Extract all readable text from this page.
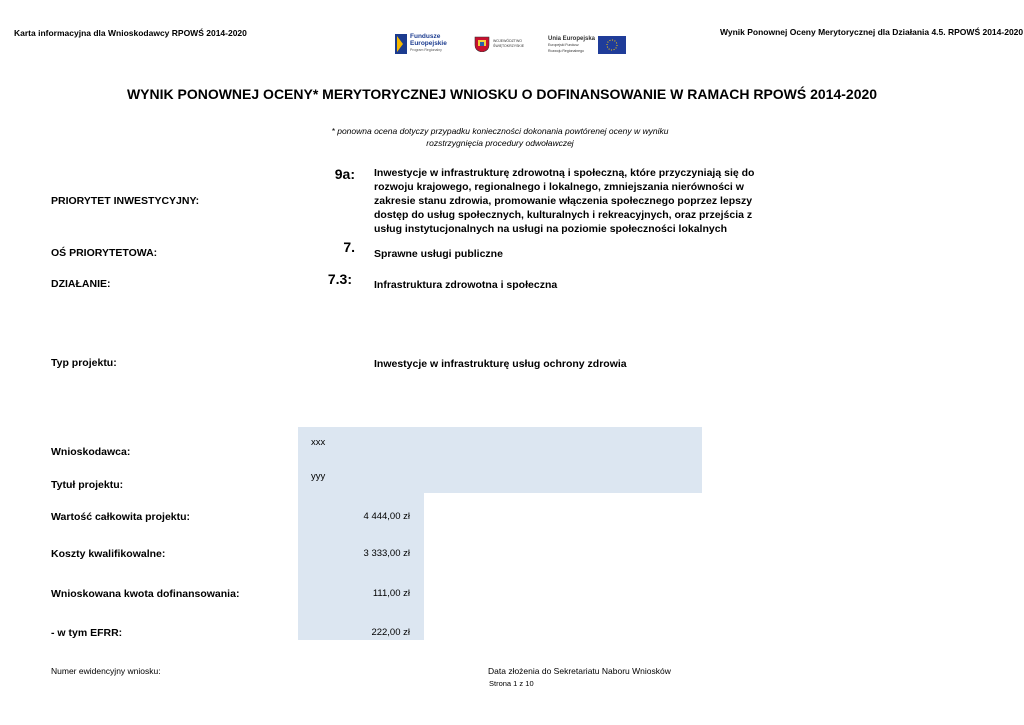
Karta informacyjna dla Wnioskodawcy RPOWŚ 2014-2020	Wynik Ponownej Oceny Merytorycznej dla Działania 4.5. RPOWŚ 2014-2020
Fundusze
Europejskie
Program Regionalny
WOJEWÓDZTWO
ŚWIĘTOKRZYSKIE
Unia Europejska
Europejski Fundusz
Rozwoju Regionalnego
WYNIK PONOWNEJ OCENY* MERYTORYCZNEJ WNIOSKU O DOFINANSOWANIE W RAMACH RPOWŚ 2014-2020
* ponowna ocena dotyczy przypadku konieczności dokonania powtórenej oceny w wyniku
rozstrzygnięcia procedury odwoławczej
PRIORYTET INWESTYCYJNY:
9a: Inwestycje w infrastrukturę zdrowotną i społeczną, które przyczyniają się do rozwoju krajowego, regionalnego i lokalnego, zmniejszania nierówności w zakresie stanu zdrowia, promowanie włączenia społecznego poprzez lepszy dostęp do usług społecznych, kulturalnych i rekreacyjnych, oraz przejścia z usług instytucjonalnych na usługi na poziomie społeczności lokalnych
OŚ PRIORYTETOWA:	7. Sprawne usługi publiczne
DZIAŁANIE:	7.3: Infrastruktura zdrowotna i społeczna
Typ projektu:	Inwestycje w infrastrukturę usług ochrony zdrowia
Wnioskodawca:
xxx
Tytuł projektu:
yyy
Wartość całkowita projektu:	4 444,00 zł
Koszty kwalifikowalne:	3 333,00 zł
Wnioskowana kwota dofinansowania:	111,00 zł
- w tym EFRR:	222,00 zł
Numer ewidencyjny wniosku:	Data złożenia do Sekretariatu Naboru Wniosków
Strona 1 z 10
